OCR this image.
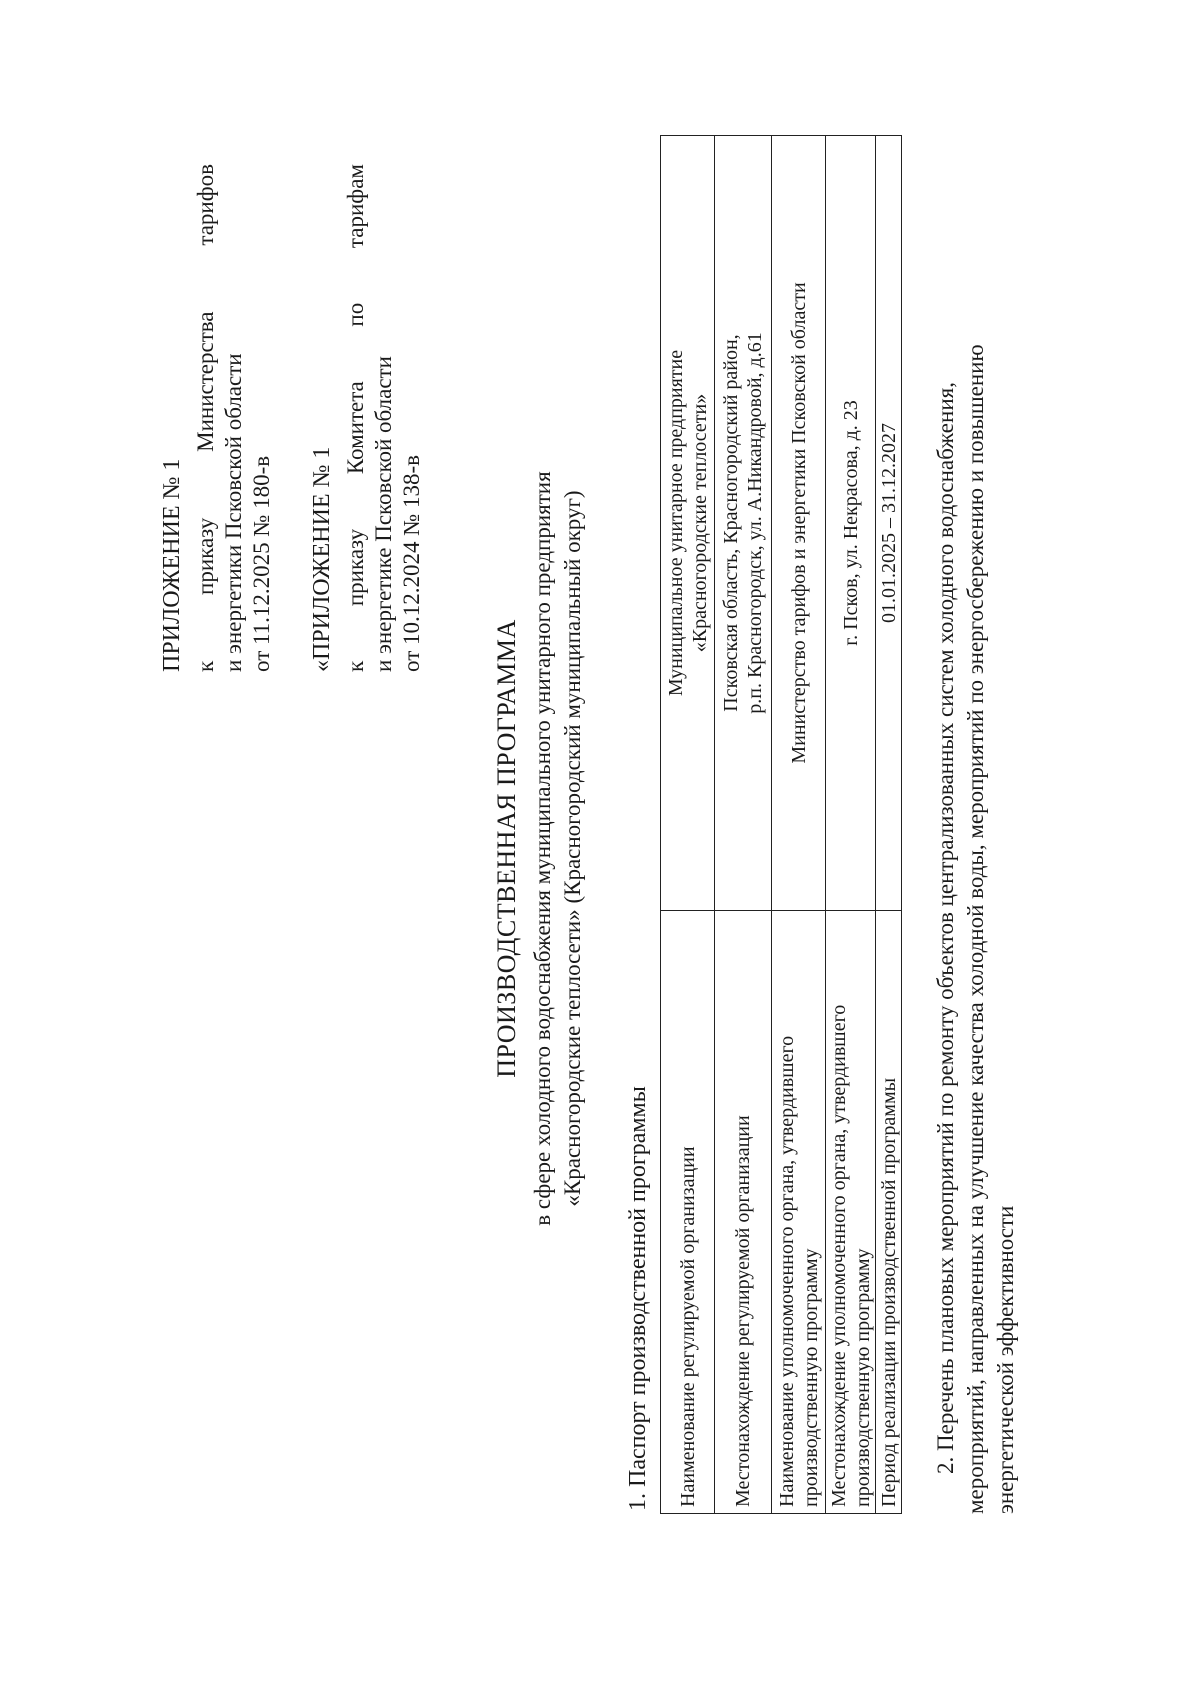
ПРИЛОЖЕНИЕ № 1 к
приказу
Министерства
тарифов
и энергетики Псковской области от 11.12.2025 № 180-в «ПРИЛОЖЕНИЕ № 1 к
приказу
Комитета
по
тарифам
и энергетике Псковской области от 10.12.2024 № 138-в
ПРОИЗВОДСТВЕННАЯ ПРОГРАММА в сфере холодного водоснабжения муниципального унитарного предприятия «Красногородские теплосети» (Красногородский муниципальный округ)
1. Паспорт производственной программы Наименование регулируемой организации	Муниципальное унитарное предприятие «Красногородские теплосети»

Местонахождение регулируемой организации	Псковская область, Красногородский район, р.п. Красногородск, ул. А.Никандровой, д.61

Наименование уполномоченного органа, утвердившего производственную программу	Министерство тарифов и энергетики Псковской области

Местонахождение уполномоченного органа, утвердившего производственную программу	г. Псков, ул. Некрасова, д. 23

Период реализации производственной программы	01.01.2025 – 31.12.2027 2. Перечень плановых мероприятий по ремонту объектов централизованных систем холодного водоснабжения, мероприятий, направленных на улучшение качества холодной воды, мероприятий по энергосбережению и повышению энергетической эффективности
